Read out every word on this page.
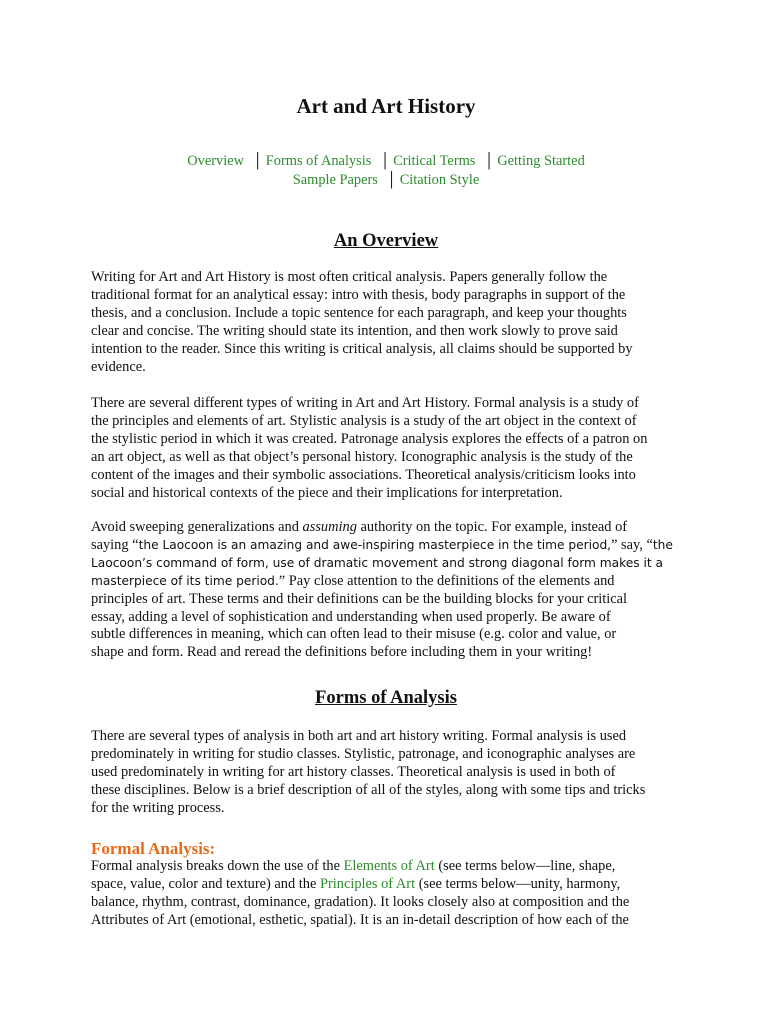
Art and Art History
Overview │ Forms of Analysis │ Critical Terms │ Getting Started
Sample Papers │ Citation Style
An Overview

Writing for Art and Art History is most often critical analysis. Papers generally follow the
traditional format for an analytical essay: intro with thesis, body paragraphs in support of the
thesis, and a conclusion. Include a topic sentence for each paragraph, and keep your thoughts
clear and concise. The writing should state its intention, and then work slowly to prove said
intention to the reader. Since this writing is critical analysis, all claims should be supported by
evidence.

There are several different types of writing in Art and Art History. Formal analysis is a study of
the principles and elements of art. Stylistic analysis is a study of the art object in the context of
the stylistic period in which it was created. Patronage analysis explores the effects of a patron on
an art object, as well as that object’s personal history. Iconographic analysis is the study of the
content of the images and their symbolic associations. Theoretical analysis/criticism looks into
social and historical contexts of the piece and their implications for interpretation.

Avoid sweeping generalizations and assuming authority on the topic. For example, instead of
saying “the Laocoon is an amazing and awe-inspiring masterpiece in the time period,” say, “the
Laocoon’s command of form, use of dramatic movement and strong diagonal form makes it a
masterpiece of its time period.” Pay close attention to the definitions of the elements and
principles of art. These terms and their definitions can be the building blocks for your critical
essay, adding a level of sophistication and understanding when used properly. Be aware of
subtle differences in meaning, which can often lead to their misuse (e.g. color and value, or
shape and form. Read and reread the definitions before including them in your writing!

Forms of Analysis

There are several types of analysis in both art and art history writing. Formal analysis is used
predominately in writing for studio classes. Stylistic, patronage, and iconographic analyses are
used predominately in writing for art history classes. Theoretical analysis is used in both of
these disciplines. Below is a brief description of all of the styles, along with some tips and tricks
for the writing process.

Formal Analysis:

Formal analysis breaks down the use of the Elements of Art (see terms below—line, shape,
space, value, color and texture) and the Principles of Art (see terms below—unity, harmony,
balance, rhythm, contrast, dominance, gradation). It looks closely also at composition and the
Attributes of Art (emotional, esthetic, spatial). It is an in-detail description of how each of the
